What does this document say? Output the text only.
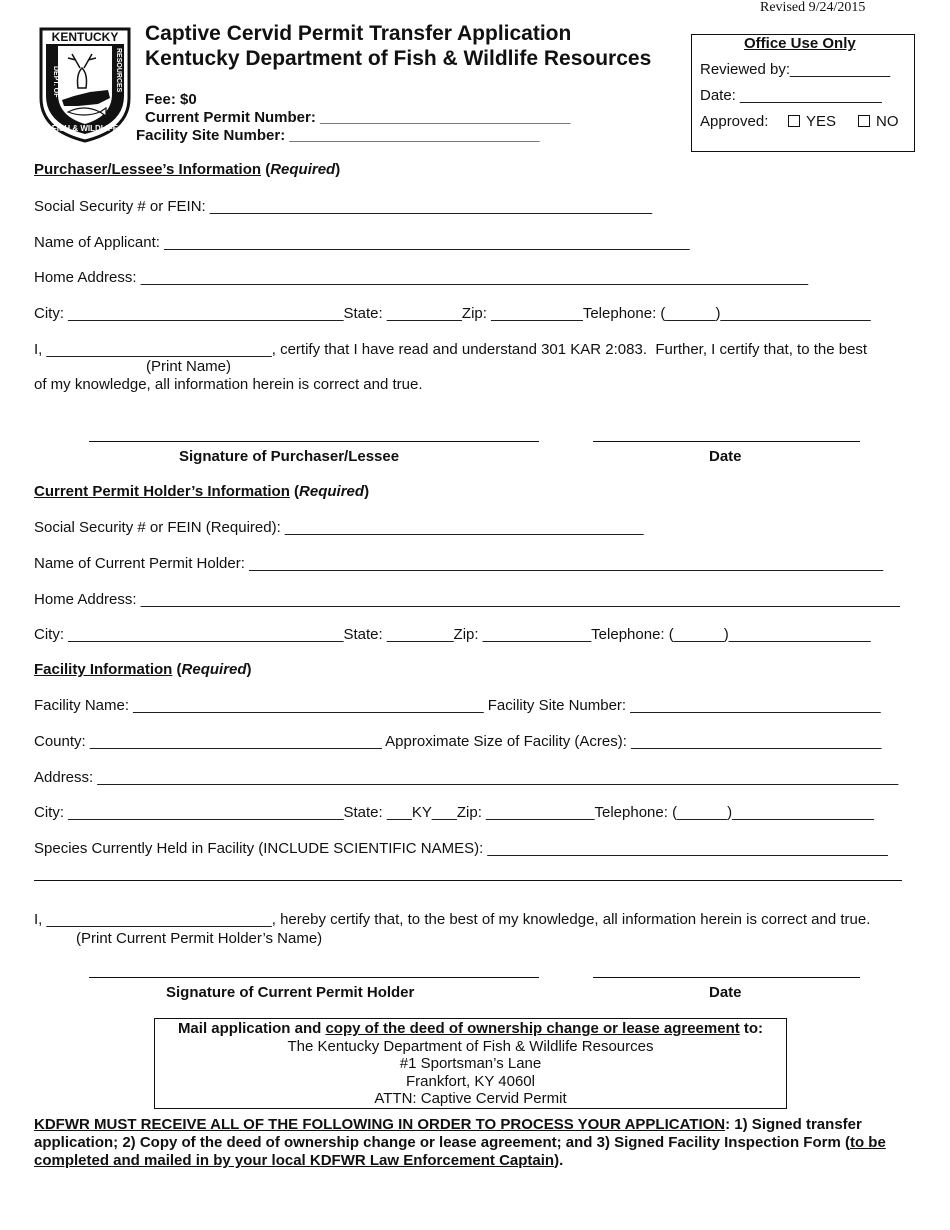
Revised 9/24/2015
KENTUCKY
DEPT. OF	RESOURCES
FISH & WILDLIFE
Captive Cervid Permit Transfer Application
Kentucky Department of Fish & Wildlife Resources
Fee: $0
Current Permit Number: ______________________________
Facility Site Number: ______________________________
Office Use Only
Reviewed by:____________
Date: _________________
Approved:	YES	NO
Purchaser/Lessee’s Information (Required)
Social Security # or FEIN: _____________________________________________________
Name of Applicant: _______________________________________________________________
Home Address: ________________________________________________________________________________
City: _________________________________State: _________Zip: ___________Telephone: (______)__________________
I, ___________________________, certify that I have read and understand 301 KAR 2:083.  Further, I certify that, to the best
(Print Name)
of my knowledge, all information herein is correct and true.
Signature of Purchaser/Lessee	Date
Current Permit Holder’s Information (Required)
Social Security # or FEIN (Required): ___________________________________________
Name of Current Permit Holder: ____________________________________________________________________________
Home Address: ___________________________________________________________________________________________
City: _________________________________State: ________Zip: _____________Telephone: (______)_________________
Facility Information (Required)
Facility Name: __________________________________________ Facility Site Number: ______________________________
County: ___________________________________ Approximate Size of Facility (Acres): ______________________________
Address: ________________________________________________________________________________________________
City: _________________________________State: ___KY___Zip: _____________Telephone: (______)_________________
Species Currently Held in Facility (INCLUDE SCIENTIFIC NAMES): ________________________________________________
I, ___________________________, hereby certify that, to the best of my knowledge, all information herein is correct and true.
(Print Current Permit Holder’s Name)
Signature of Current Permit Holder	Date
Mail application and copy of the deed of ownership change or lease agreement to:
The Kentucky Department of Fish & Wildlife Resources
#1 Sportsman’s Lane
Frankfort, KY 4060l
ATTN: Captive Cervid Permit
KDFWR MUST RECEIVE ALL OF THE FOLLOWING IN ORDER TO PROCESS YOUR APPLICATION: 1) Signed transfer application; 2) Copy of the deed of ownership change or lease agreement; and 3) Signed Facility Inspection Form (to be completed and mailed in by your local KDFWR Law Enforcement Captain).
